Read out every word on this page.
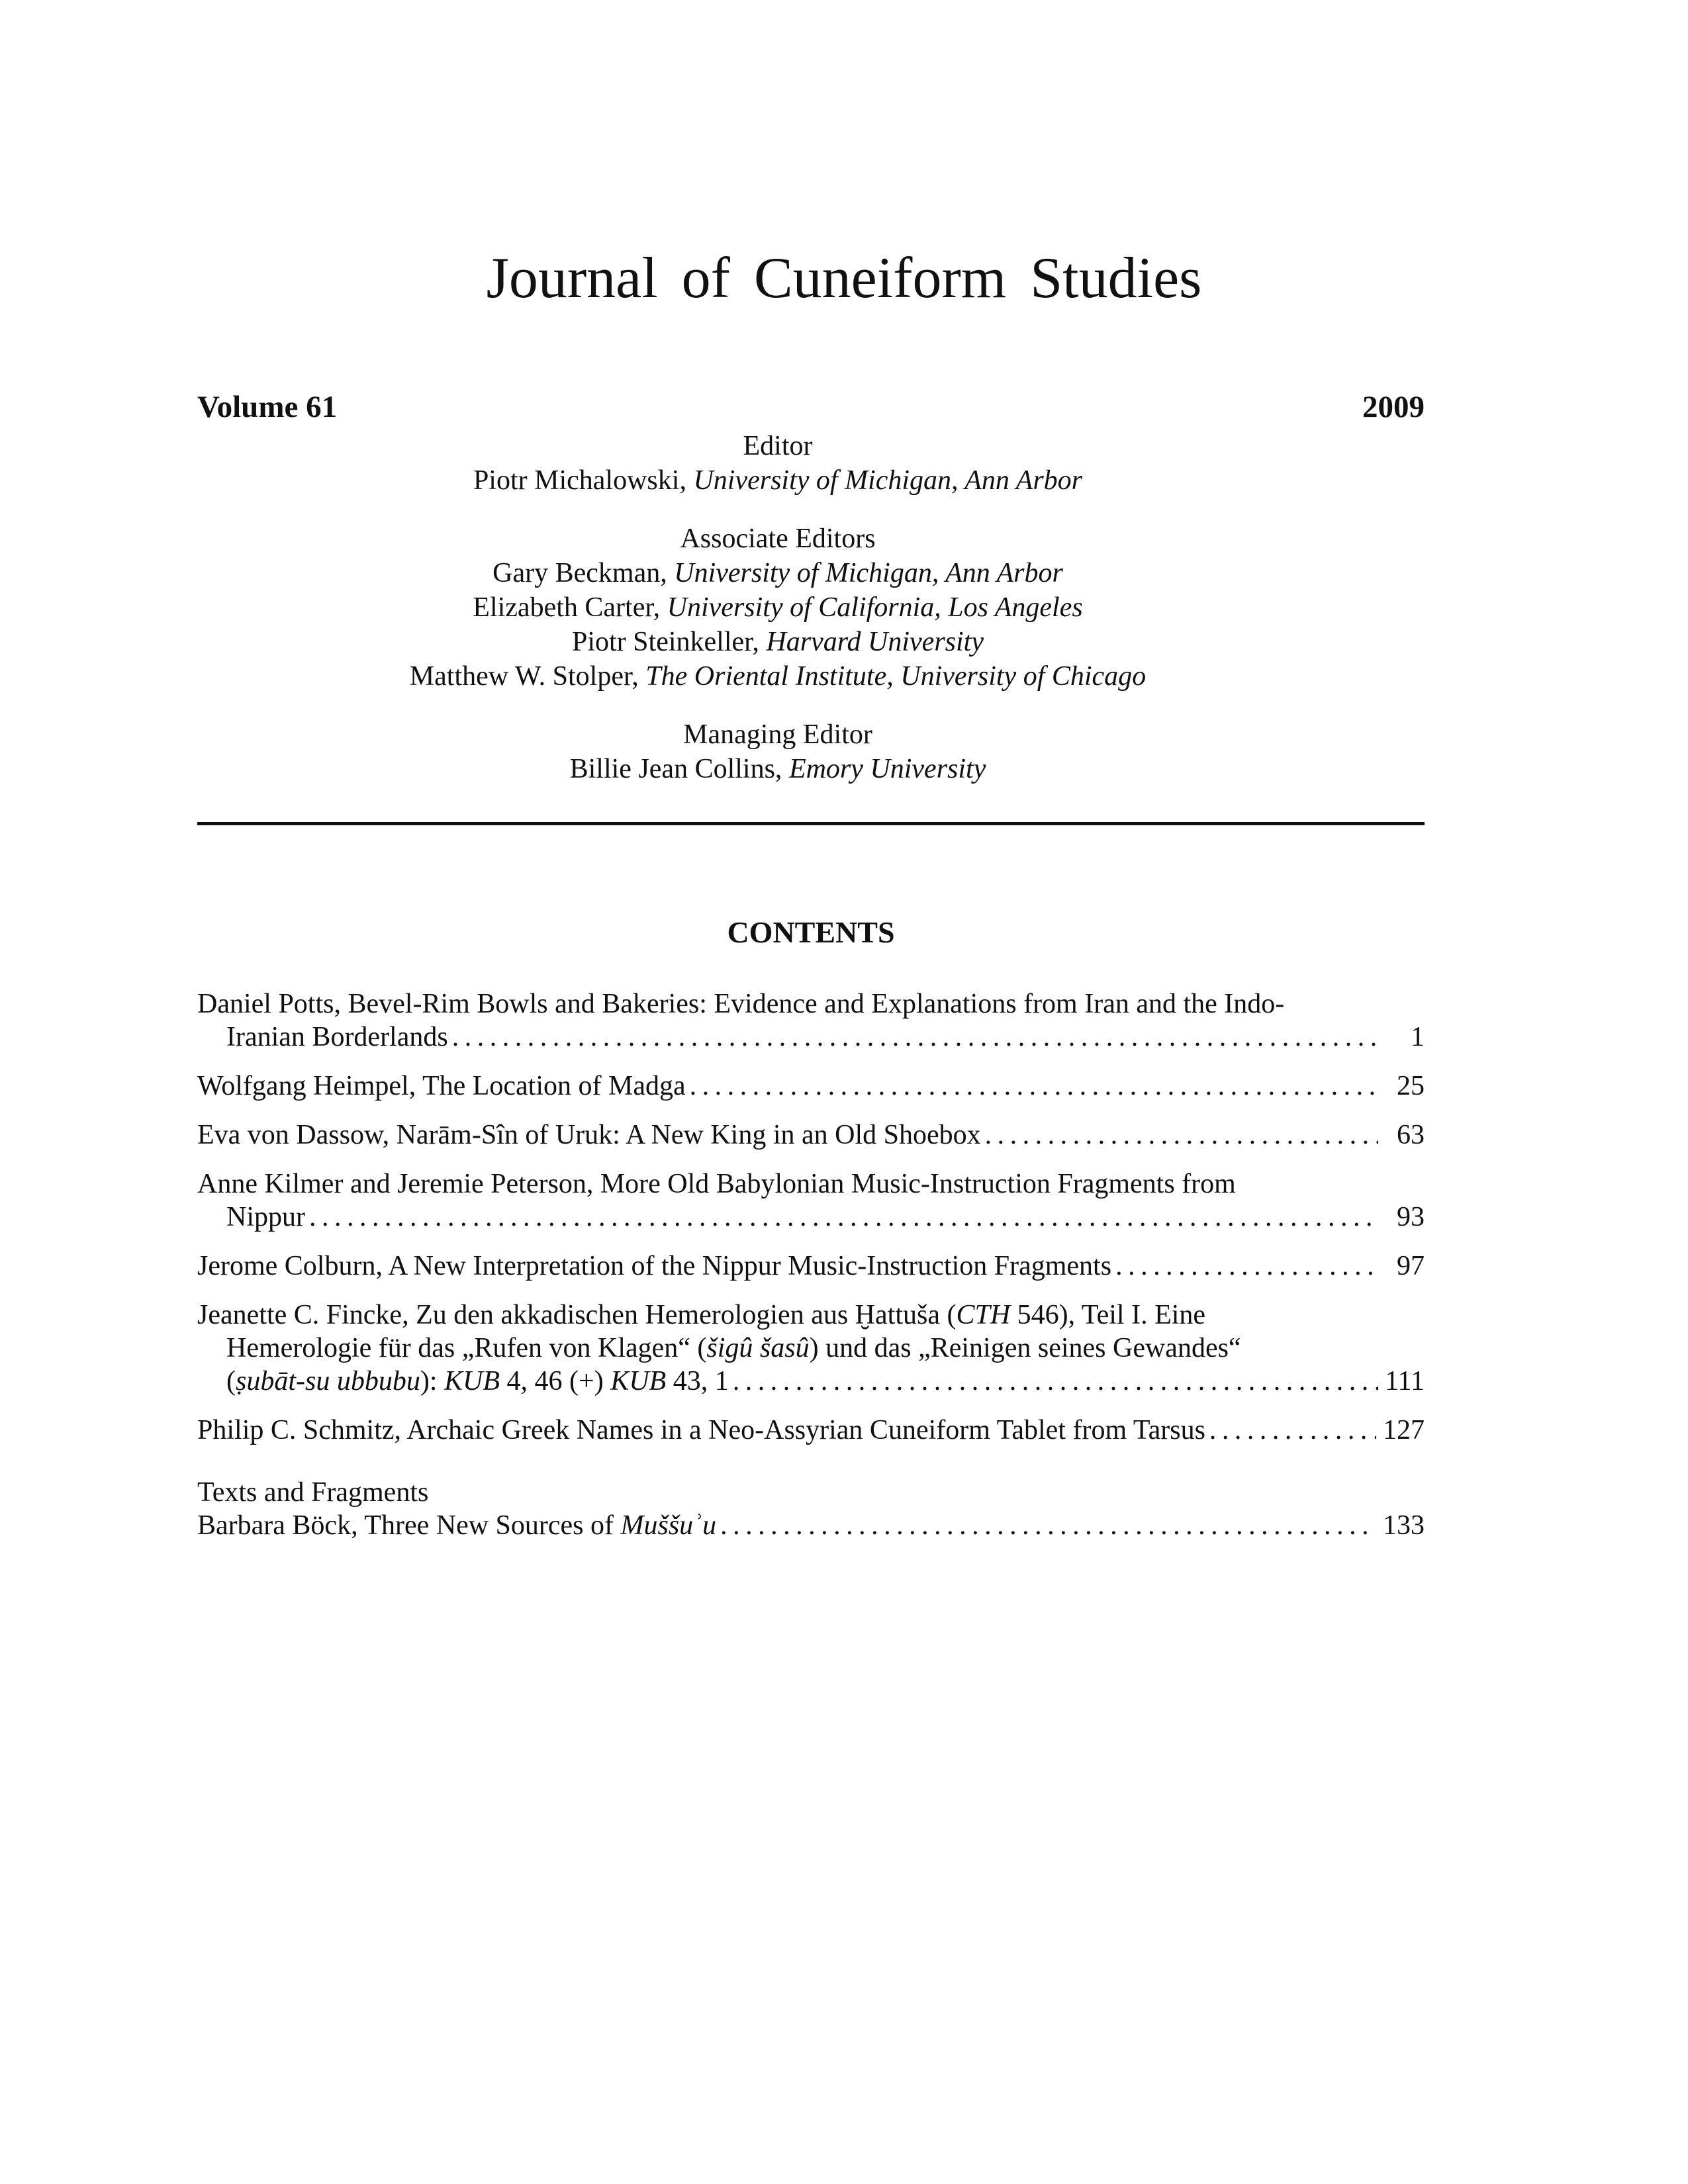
Journal of Cuneiform Studies
Volume 61	2009
Editor
Piotr Michalowski, University of Michigan, Ann Arbor
Associate Editors
Gary Beckman, University of Michigan, Ann Arbor
Elizabeth Carter, University of California, Los Angeles
Piotr Steinkeller, Harvard University
Matthew W. Stolper, The Oriental Institute, University of Chicago
Managing Editor
Billie Jean Collins, Emory University
CONTENTS
Daniel Potts, Bevel-Rim Bowls and Bakeries: Evidence and Explanations from Iran and the Indo-
Iranian Borderlands . . .	1
Wolfgang Heimpel, The Location of Madga . . .	25
Eva von Dassow, Narām-Sîn of Uruk: A New King in an Old Shoebox . . .	63
Anne Kilmer and Jeremie Peterson, More Old Babylonian Music-Instruction Fragments from
Nippur . . .	93
Jerome Colburn, A New Interpretation of the Nippur Music-Instruction Fragments . . .	97
Jeanette C. Fincke, Zu den akkadischen Hemerologien aus Ḫattuša (CTH 546), Teil I. Eine
Hemerologie für das „Rufen von Klagen“ (šigû šasû) und das „Reinigen seines Gewandes“
(ṣubāt-su ubbubu): KUB 4, 46 (+) KUB 43, 1 . . .	111
Philip C. Schmitz, Archaic Greek Names in a Neo-Assyrian Cuneiform Tablet from Tarsus . . .	127
Texts and Fragments
Barbara Böck, Three New Sources of Muššuʾu . . .	133
